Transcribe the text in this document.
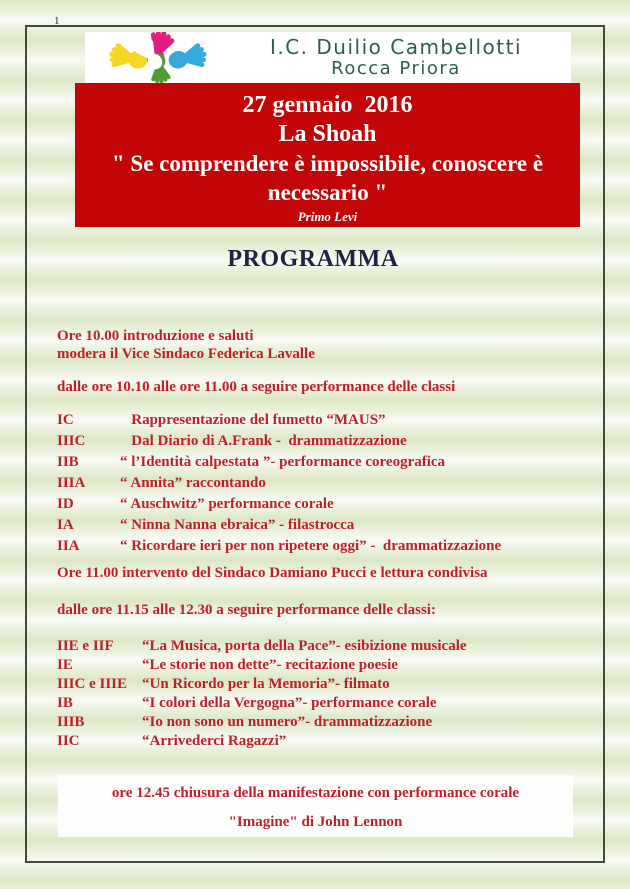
1
I.C. Duilio Cambellotti
Rocca Priora
27 gennaio  2016
La Shoah
" Se comprendere è impossibile, conoscere è necessario "
Primo Levi
PROGRAMMA
Ore 10.00 introduzione e saluti
modera il Vice Sindaco Federica Lavalle
dalle ore 10.10 alle ore 11.00 a seguire performance delle classi
IC	Rappresentazione del fumetto “MAUS”
IIIC	Dal Diario di A.Frank -  drammatizzazione
IIB	“ l’Identità calpestata ”- performance coreografica
IIIA	“ Annita” raccontando
ID	“ Auschwitz” performance corale
IA	“ Ninna Nanna ebraica” - filastrocca
IIA	“ Ricordare ieri per non ripetere oggi” -  drammatizzazione
Ore 11.00 intervento del Sindaco Damiano Pucci e lettura condivisa
dalle ore 11.15 alle 12.30 a seguire performance delle classi:
IIE e IIF	“La Musica, porta della Pace”- esibizione musicale
IE	“Le storie non dette”- recitazione poesie
IIIC e IIIE “Un Ricordo per la Memoria”- filmato
IB	“I colori della Vergogna”- performance corale
IIIB	“Io non sono un numero”- drammatizzazione
IIC	“Arrivederci Ragazzi”
ore 12.45 chiusura della manifestazione con performance corale
"Imagine" di John Lennon
